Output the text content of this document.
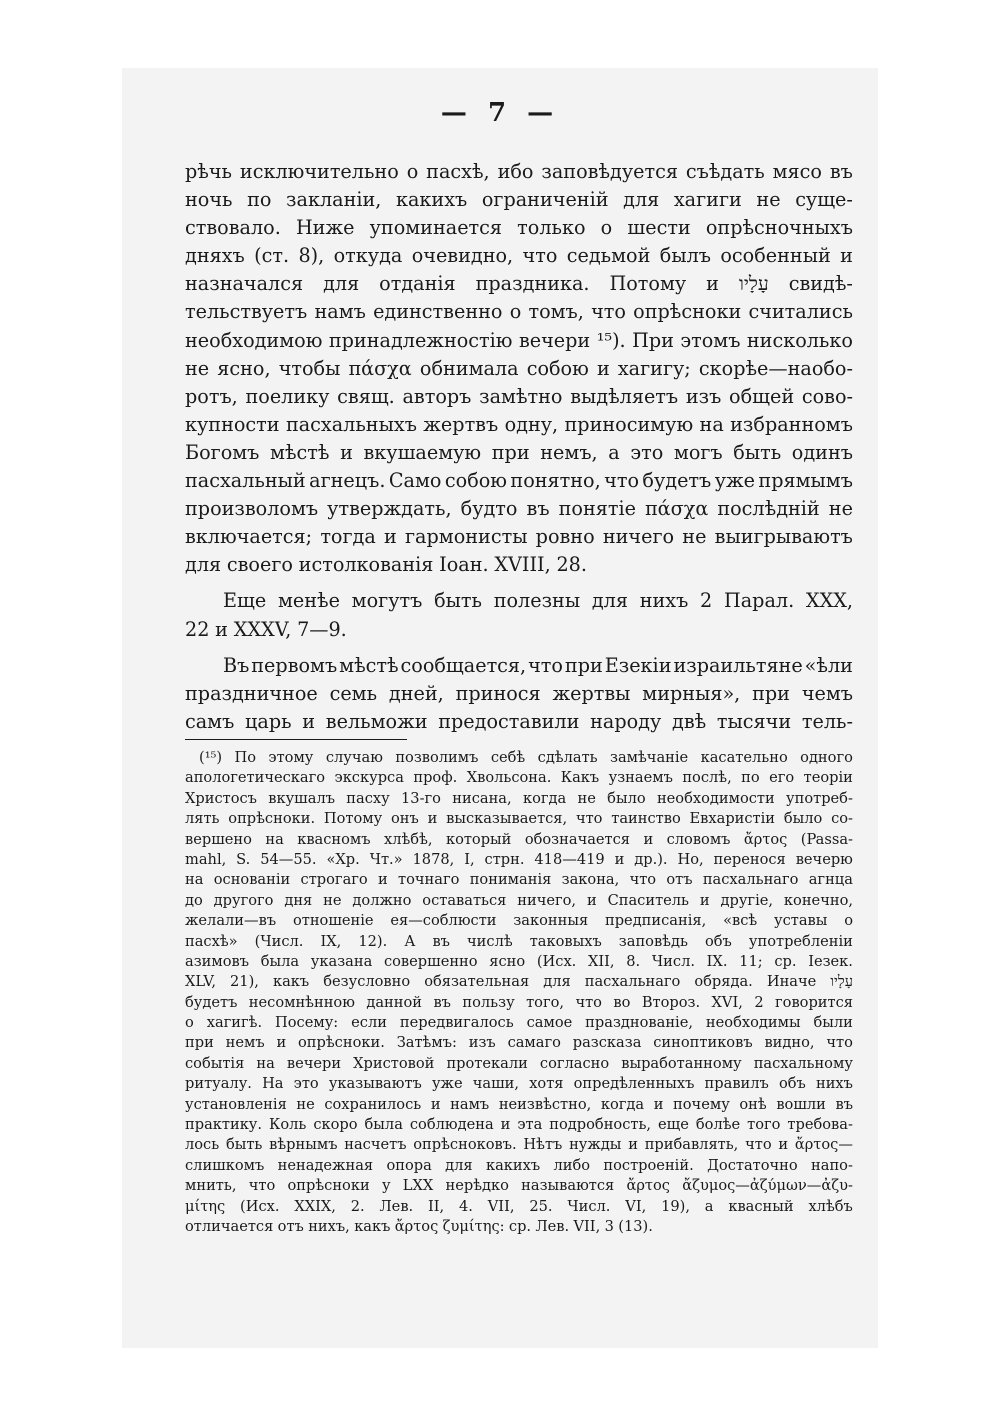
— 7 —
рѣчь исключительно о пасхѣ, ибо заповѣдуется съѣдать мясо въ
ночь по закланіи, какихъ ограниченій для хагиги не суще-
ствовало. Ниже упоминается только о шести опрѣсночныхъ
дняхъ (ст. 8), откуда очевидно, что седьмой былъ особенный и
назначался для отданія праздника. Потому и עָלָיו свидѣ-
тельствуетъ намъ единственно о томъ, что опрѣсноки считались
необходимою принадлежностію вечери ¹⁵). При этомъ нисколько
не ясно, чтобы πάσχα обнимала собою и хагигу; скорѣе—наобо-
ротъ, поелику свящ. авторъ замѣтно выдѣляетъ изъ общей сово-
купности пасхальныхъ жертвъ одну, приносимую на избранномъ
Богомъ мѣстѣ и вкушаемую при немъ, а это могъ быть одинъ
пасхальный агнецъ. Само собою понятно, что будетъ уже прямымъ
произволомъ утверждать, будто въ понятіе πάσχα послѣдній не
включается; тогда и гармонисты ровно ничего не выигрываютъ
для своего истолкованія Іоан. XVIII, 28.
Еще менѣе могутъ быть полезны для нихъ 2 Парал. XXX,
22 и XXXV, 7—9.
Въ первомъ мѣстѣ сообщается, что при Езекіи израильтяне «ѣли
праздничное семь дней, принося жертвы мирныя», при чемъ
самъ царь и вельможи предоставили народу двѣ тысячи тель-
(¹⁵) По этому случаю позволимъ себѣ сдѣлать замѣчаніе касательно одного
апологетическаго экскурса проф. Хвольсона. Какъ узнаемъ послѣ, по его теоріи
Христосъ вкушалъ пасху 13-го нисана, когда не было необходимости употреб-
лять опрѣсноки. Потому онъ и высказывается, что таинство Евхаристіи было со-
вершено на квасномъ хлѣбѣ, который обозначается и словомъ ἄρτος (Passa-
mahl, S. 54—55. «Хр. Чт.» 1878, I, стрн. 418—419 и др.). Но, перенося вечерю
на основаніи строгаго и точнаго пониманія закона, что отъ пасхальнаго агнца
до другого дня не должно оставаться ничего, и Спаситель и другіе, конечно,
желали—въ отношеніе ея—соблюсти законныя предписанія, «всѣ уставы о
пасхѣ» (Числ. IX, 12). А въ числѣ таковыхъ заповѣдь объ употребленіи
азимовъ была указана совершенно ясно (Исх. XII, 8. Числ. IX. 11; ср. Іезек.
XLV, 21), какъ безусловно обязательная для пасхальнаго обряда. Иначе עָלָיו
будетъ несомнѣнною данной въ пользу того, что во Второз. XVI, 2 говорится
о хагигѣ. Посему: если передвигалось самое празднованіе, необходимы были
при немъ и опрѣсноки. Затѣмъ: изъ самаго разсказа синоптиковъ видно, что
событія на вечери Христовой протекали согласно выработанному пасхальному
ритуалу. На это указываютъ уже чаши, хотя опредѣленныхъ правилъ объ нихъ
установленія не сохранилось и намъ неизвѣстно, когда и почему онѣ вошли въ
практику. Коль скоро была соблюдена и эта подробность, еще болѣе того требова-
лось быть вѣрнымъ насчетъ опрѣсноковъ. Нѣтъ нужды и прибавлять, что и ἄρτος—
слишкомъ ненадежная опора для какихъ либо построеній. Достаточно напо-
мнить, что опрѣсноки у LXX нерѣдко называются ἄρτος ἄζυμος—ἀζύμων—ἀζυ-
μίτης (Исх. XXIX, 2. Лев. II, 4. VII, 25. Числ. VI, 19), а квасный хлѣбъ
отличается отъ нихъ, какъ ἄρτος ζυμίτης: ср. Лев. VII, 3 (13).
